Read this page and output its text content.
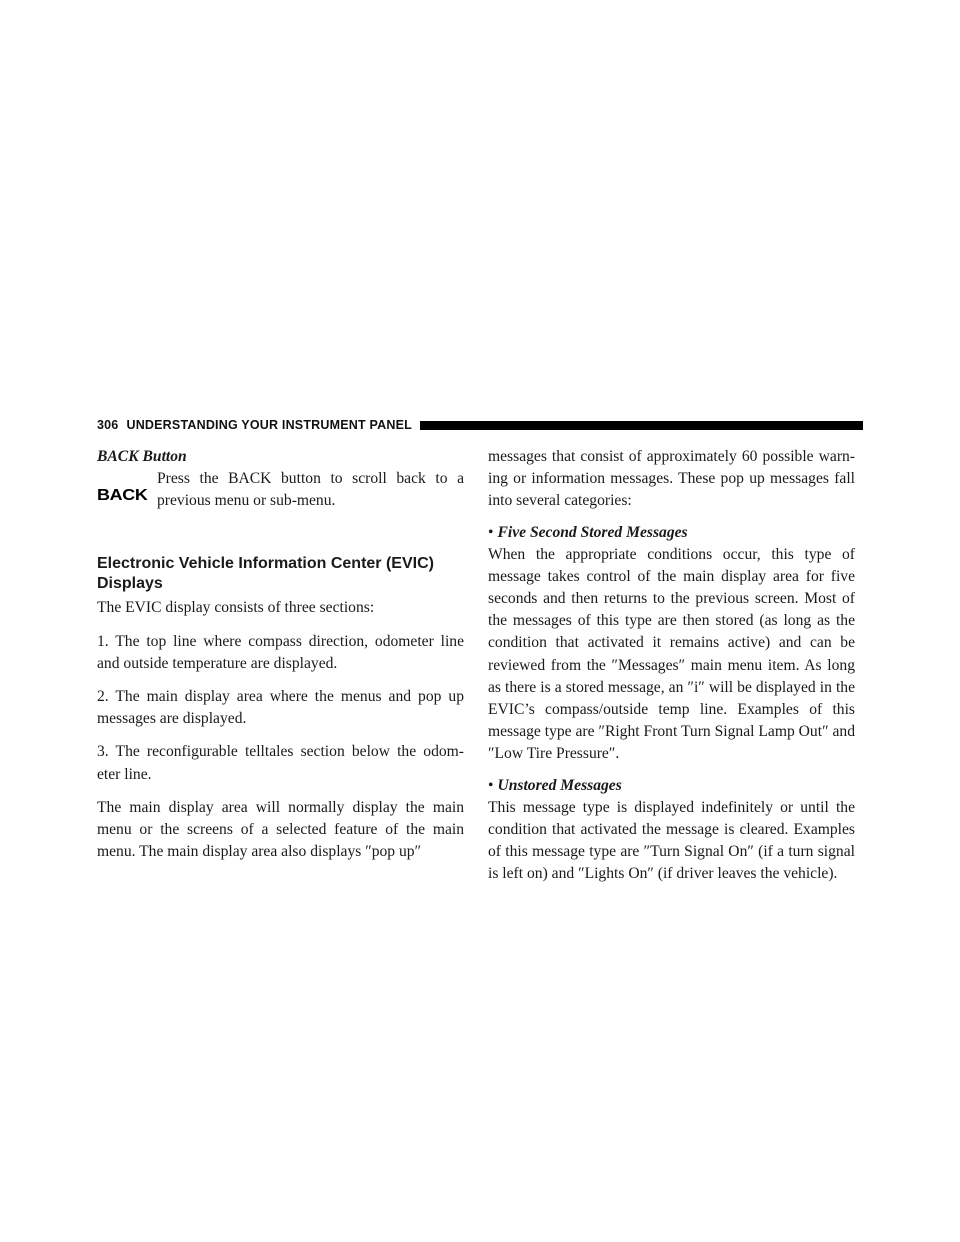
306 UNDERSTANDING YOUR INSTRUMENT PANEL
BACK Button
BACK
Press the BACK button to scroll back to a previous menu or sub-menu.
Electronic Vehicle Information Center (EVIC) Displays

The EVIC display consists of three sections:

1. The top line where compass direction, odometer line and outside temperature are displayed.

2. The main display area where the menus and pop up messages are displayed.

3. The reconfigurable telltales section below the odom-eter line.

The main display area will normally display the main menu or the screens of a selected feature of the main menu. The main display area also displays ″pop up″

messages that consist of approximately 60 possible warn-ing or information messages. These pop up messages fall into several categories:

• Five Second Stored Messages

When the appropriate conditions occur, this type of message takes control of the main display area for five seconds and then returns to the previous screen. Most of the messages of this type are then stored (as long as the condition that activated it remains active) and can be reviewed from the ″Messages″ main menu item. As long as there is a stored message, an ″i″ will be displayed in the EVIC’s compass/outside temp line. Examples of this message type are ″Right Front Turn Signal Lamp Out″ and ″Low Tire Pressure″.

• Unstored Messages

This message type is displayed indefinitely or until the condition that activated the message is cleared. Examples of this message type are ″Turn Signal On″ (if a turn signal is left on) and ″Lights On″ (if driver leaves the vehicle).
